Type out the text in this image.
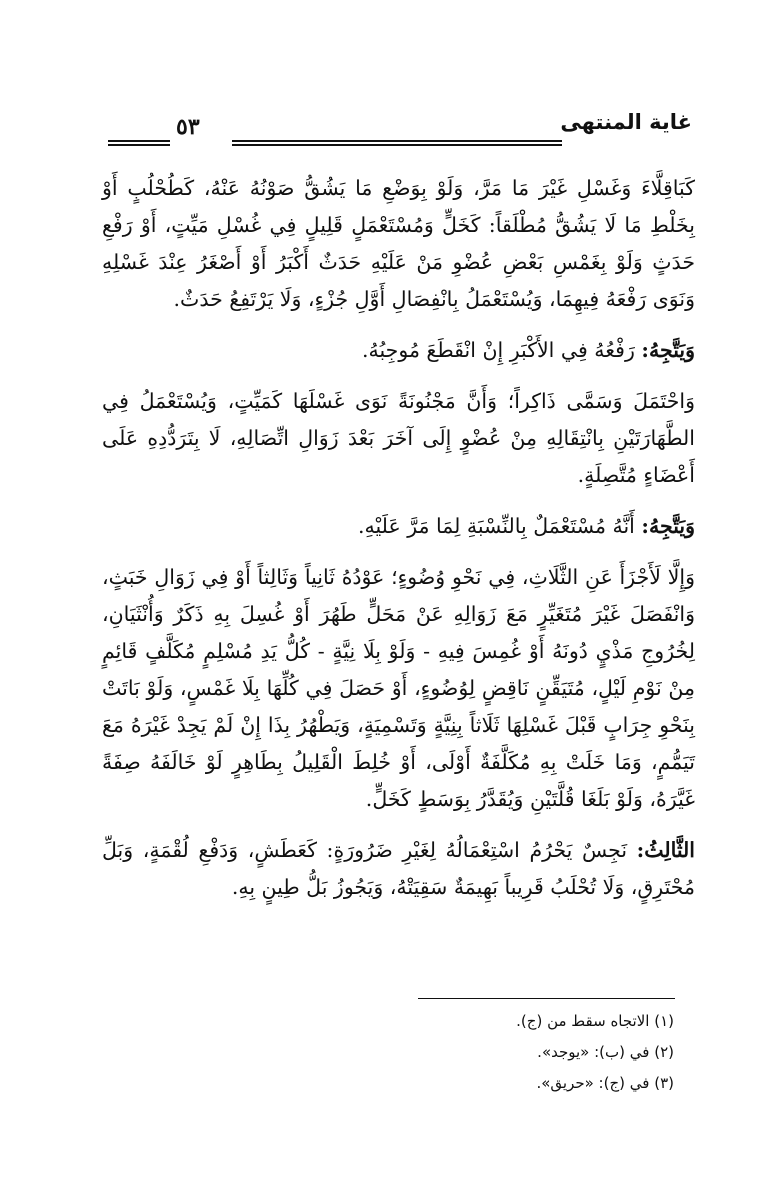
غاية المنتهى
٥٣

كَبَاقِلَّاءَ وَغَسْلِ غَيْرَ مَا مَرَّ، وَلَوْ بِوَضْعِ مَا يَشُقُّ صَوْنُهُ عَنْهُ، كَطُحْلُبٍ أَوْ بِخَلْطِ مَا لَا يَشُقُّ مُطْلَقاً: كَخَلٍّ وَمُسْتَعْمَلٍ قَلِيلٍ فِي غُسْلِ مَيِّتٍ، أَوْ رَفْعِ حَدَثٍ وَلَوْ بِغَمْسِ بَعْضِ عُضْوِ مَنْ عَلَيْهِ حَدَثٌ أَكْبَرُ أَوْ أَصْغَرُ عِنْدَ غَسْلِهِ وَنَوَى رَفْعَهُ فِيهِمَا، وَيُسْتَعْمَلُ بِانْفِصَالِ أَوَّلِ جُزْءٍ، وَلَا يَرْتَفِعُ حَدَثٌ.

وَيَتَّجِهُ: رَفْعُهُ فِي الأَكْبَرِ إِنْ انْقَطَعَ مُوجِبُهُ.

وَاحْتَمَلَ وَسَمَّى ذَاكِراً؛ وَأَنَّ مَجْنُونَةً نَوَى غَسْلَهَا كَمَيِّتٍ، وَيُسْتَعْمَلُ فِي الطَّهَارَتَيْنِ بِانْتِقَالِهِ مِنْ عُضْوٍ إِلَى آخَرَ بَعْدَ زَوَالِ اتِّصَالِهِ، لَا بِتَرَدُّدِهِ عَلَى أَعْضَاءٍ مُتَّصِلَةٍ.

وَيَتَّجِهُ: أَنَّهُ مُسْتَعْمَلٌ بِالنِّسْبَةِ لِمَا مَرَّ عَلَيْهِ.

وَإِلَّا لَأَجْزَأَ عَنِ الثَّلَاثِ، فِي نَحْوِ وُضُوءٍ؛ عَوْدُهُ ثَانِياً وَثَالِثاً أَوْ فِي زَوَالِ خَبَثٍ، وَانْفَصَلَ غَيْرَ مُتَغَيِّرٍ مَعَ زَوَالِهِ عَنْ مَحَلٍّ طَهُرَ أَوْ غُسِلَ بِهِ ذَكَرٌ وَأُنْثَيَانِ، لِخُرُوجِ مَذْيٍ دُونَهُ أَوْ غُمِسَ فِيهِ - وَلَوْ بِلَا نِيَّةٍ - كُلُّ يَدِ مُسْلِمٍ مُكَلَّفٍ قَائِمٍ مِنْ نَوْمِ لَيْلٍ، مُتَيَقِّنٍ نَاقِضٍ لِوُضُوءٍ، أَوْ حَصَلَ فِي كُلِّهَا بِلَا غَمْسٍ، وَلَوْ بَاتَتْ بِنَحْوِ جِرَابٍ قَبْلَ غَسْلِهَا ثَلَاثاً بِنِيَّةٍ وَتَسْمِيَةٍ، وَيَطْهُرُ بِذَا إِنْ لَمْ يَجِدْ غَيْرَهُ مَعَ تَيَمُّمٍ، وَمَا خَلَتْ بِهِ مُكَلَّفَةٌ أَوْلَى، أَوْ خُلِطَ الْقَلِيلُ بِطَاهِرٍ لَوْ خَالَفَهُ صِفَةً غَيَّرَهُ، وَلَوْ بَلَغَا قُلَّتَيْنِ وَيُقَدَّرُ بِوَسَطٍ كَخَلٍّ.

الثَّالِثُ: نَجِسٌ يَحْرُمُ اسْتِعْمَالُهُ لِغَيْرِ ضَرُورَةٍ: كَعَطَشٍ، وَدَفْعِ لُقْمَةٍ، وَبَلِّ مُحْتَرِقٍ، وَلَا تُحْلَبُ قَرِيباً بَهِيمَةٌ سَقِيَتْهُ، وَيَجُوزُ بَلُّ طِينٍ بِهِ.

(١) الاتجاه سقط من (ج).
(٢) في (ب): «يوجد».
(٣) في (ج): «حريق».
